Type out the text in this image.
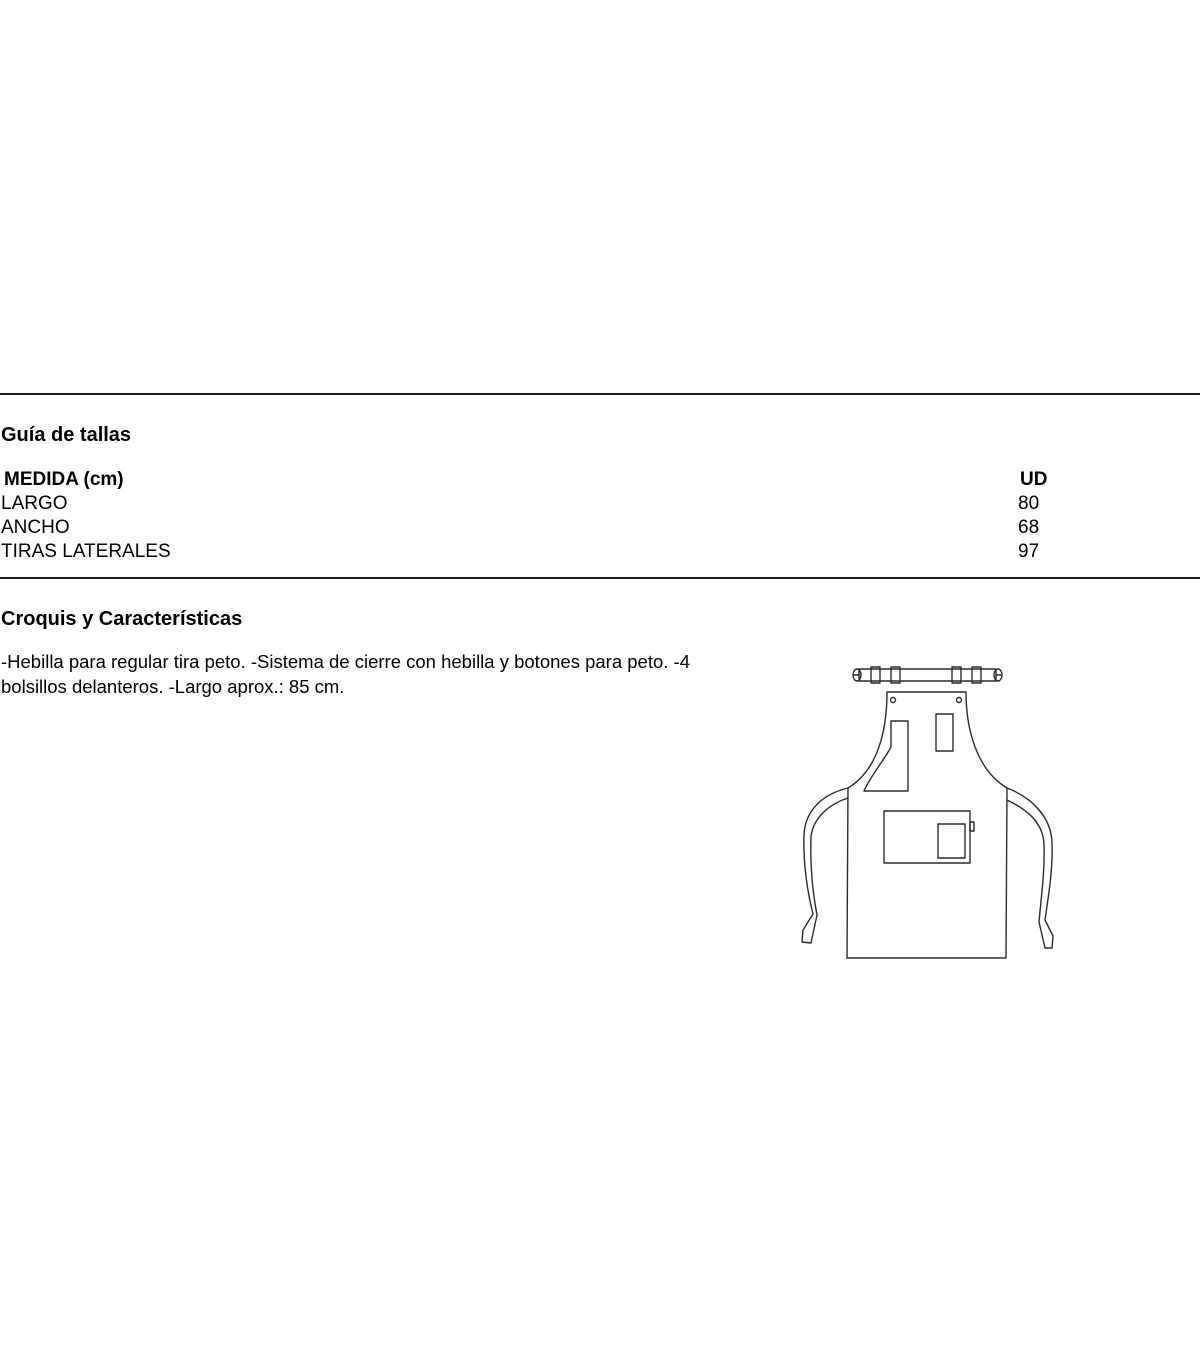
Guía de tallas
MEDIDA (cm)	UD
LARGO	80
ANCHO	68
TIRAS LATERALES	97
Croquis y Características

-Hebilla para regular tira peto. -Sistema de cierre con hebilla y botones para peto. -4 bolsillos delanteros. -Largo aprox.: 85 cm.
